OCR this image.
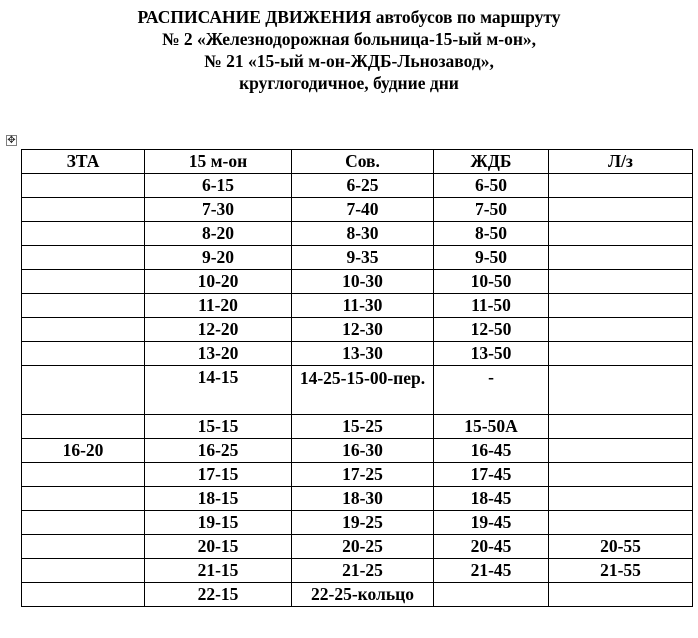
РАСПИСАНИЕ ДВИЖЕНИЯ автобусов по маршруту
№ 2 «Железнодорожная больница-15-ый м-он»,
№ 21 «15-ый м-он-ЖДБ-Льнозавод»,
круглогодичное, будние дни
✥
ЗТА	15 м-он	Сов.	ЖДБ	Л/з
	6-15	6-25	6-50	
	7-30	7-40	7-50	
	8-20	8-30	8-50	
	9-20	9-35	9-50	
	10-20	10-30	10-50	
	11-20	11-30	11-50	
	12-20	12-30	12-50	
	13-20	13-30	13-50	
	14-15	14-25-15-00-пер.	-	
	15-15	15-25	15-50А	
16-20	16-25	16-30	16-45	
	17-15	17-25	17-45	
	18-15	18-30	18-45	
	19-15	19-25	19-45	
	20-15	20-25	20-45	20-55
	21-15	21-25	21-45	21-55
	22-15	22-25-кольцо		
